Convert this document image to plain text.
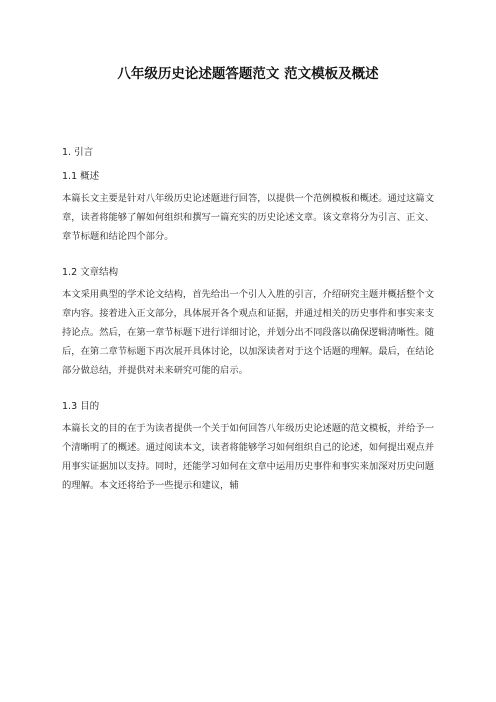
八年级历史论述题答题范文 范文模板及概述
1. 引言
1.1 概述

本篇长文主要是针对八年级历史论述题进行回答，以提供一个范例模板和概述。通过这篇文章，读者将能够了解如何组织和撰写一篇充实的历史论述文章。该文章将分为引言、正文、章节标题和结论四个部分。

1.2 文章结构

本文采用典型的学术论文结构，首先给出一个引人入胜的引言，介绍研究主题并概括整个文章内容。接着进入正文部分，具体展开各个观点和证据，并通过相关的历史事件和事实来支持论点。然后，在第一章节标题下进行详细讨论，并划分出不同段落以确保逻辑清晰性。随后，在第二章节标题下再次展开具体讨论，以加深读者对于这个话题的理解。最后，在结论部分做总结，并提供对未来研究可能的启示。

1.3 目的

本篇长文的目的在于为读者提供一个关于如何回答八年级历史论述题的范文模板，并给予一个清晰明了的概述。通过阅读本文，读者将能够学习如何组织自己的论述，如何提出观点并用事实证据加以支持。同时，还能学习如何在文章中运用历史事件和事实来加深对历史问题的理解。本文还将给予一些提示和建议，辅
